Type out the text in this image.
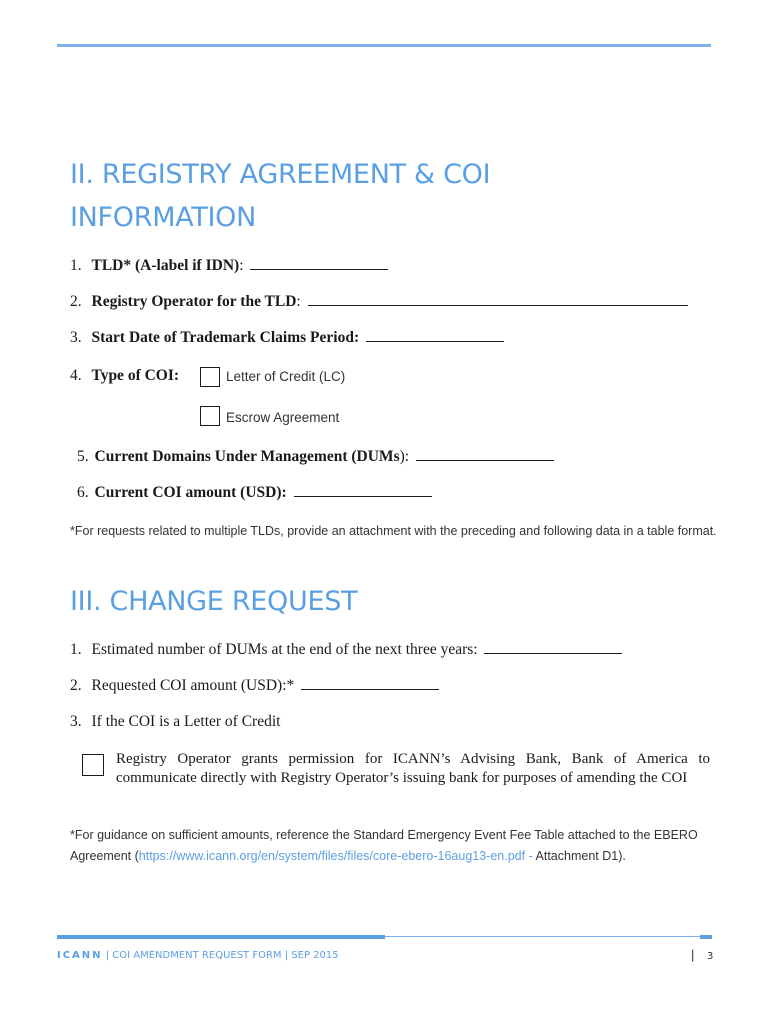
II. REGISTRY AGREEMENT & COI INFORMATION
1. TLD* (A-label if IDN):
2. Registry Operator for the TLD:
3. Start Date of Trademark Claims Period:
4. Type of COI:	Letter of Credit (LC)
Escrow Agreement
5. Current Domains Under Management (DUMs):
6. Current COI amount (USD):
*For requests related to multiple TLDs, provide an attachment with the preceding and following data in a table format.
III. CHANGE REQUEST
1. Estimated number of DUMs at the end of the next three years:
2. Requested COI amount (USD):*
3. If the COI is a Letter of Credit
Registry Operator grants permission for ICANN’s Advising Bank, Bank of America to communicate directly with Registry Operator’s issuing bank for purposes of amending the COI
*For guidance on sufficient amounts, reference the Standard Emergency Event Fee Table attached to the EBERO Agreement (https://www.icann.org/en/system/files/files/core-ebero-16aug13-en.pdf - Attachment D1).
ICANN | COI AMENDMENT REQUEST FORM | SEP 2015	| 3
